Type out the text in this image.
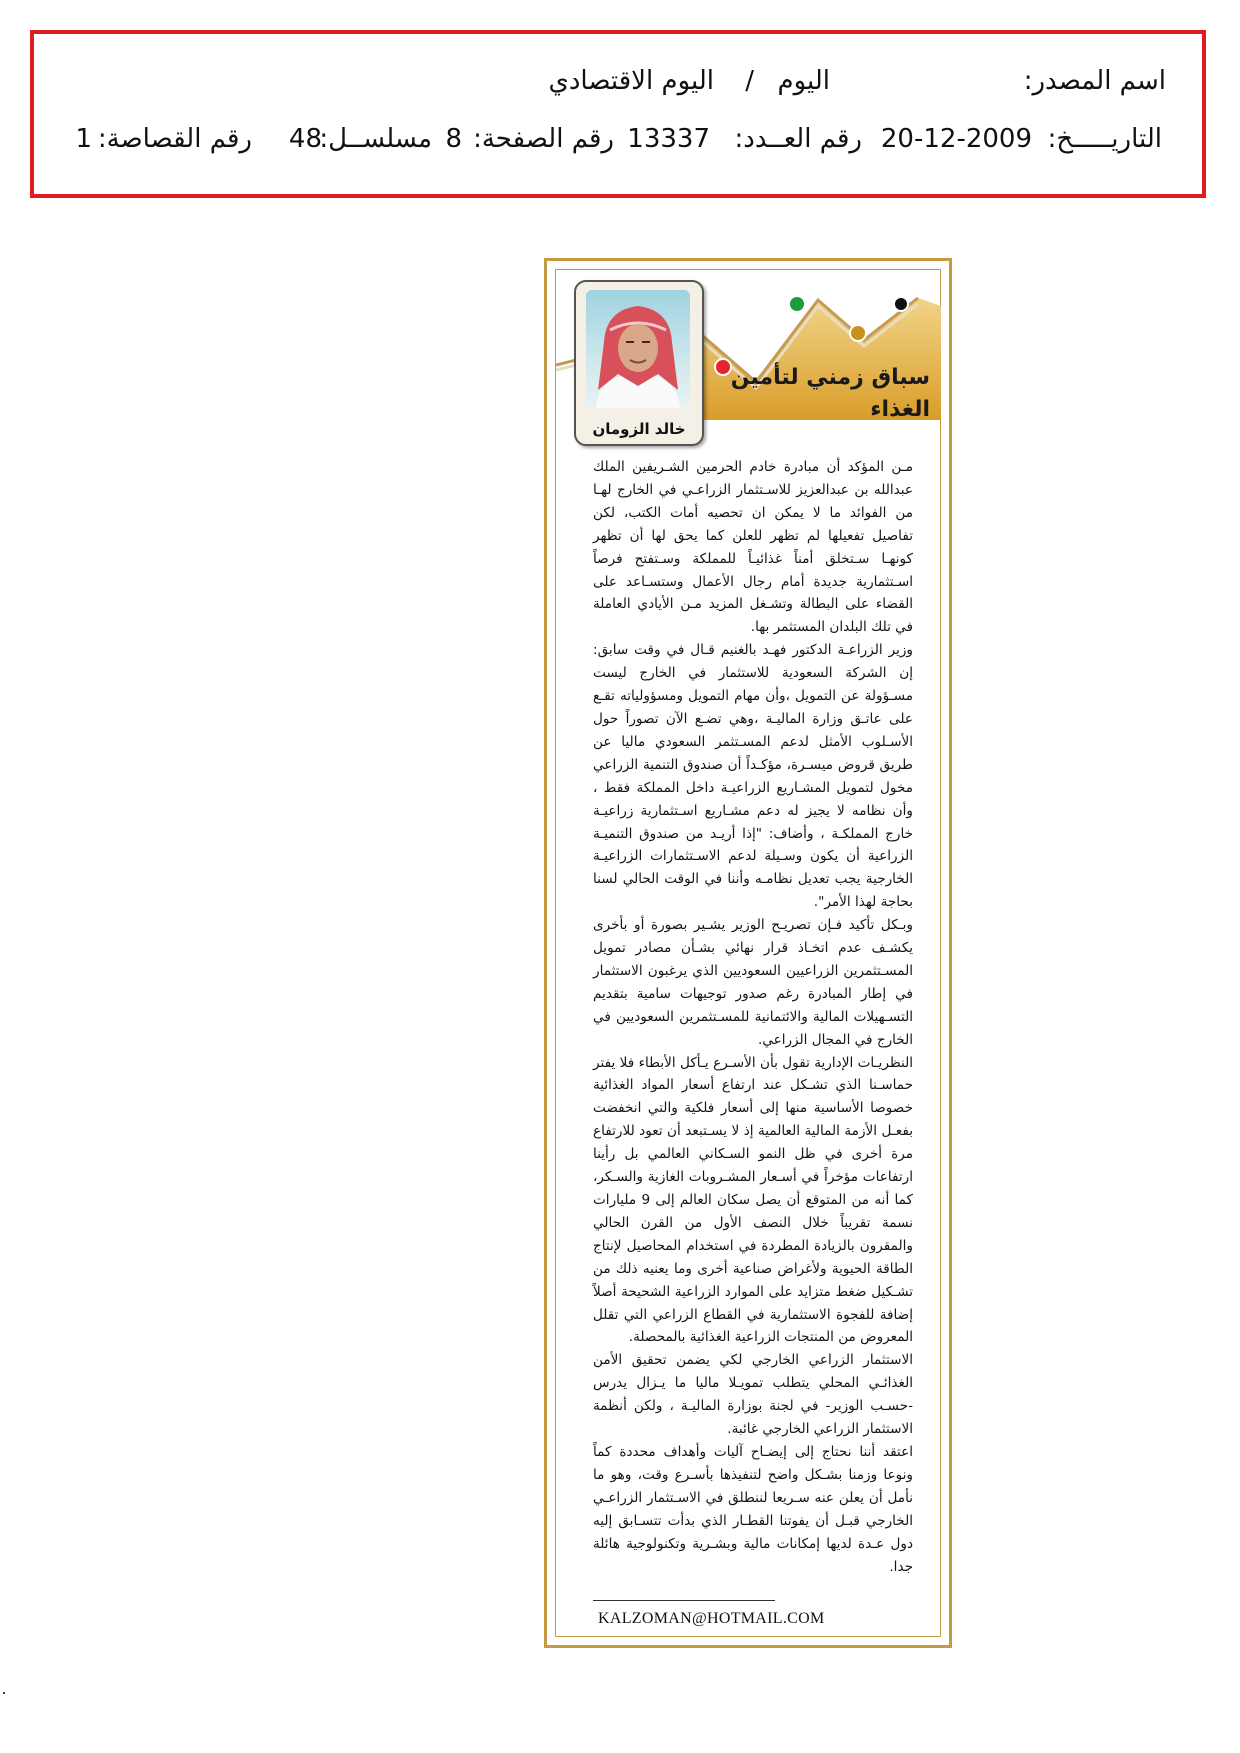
اسم المصدر:
اليوم
/
اليوم الاقتصادي
التاريـــــخ:
20-12-2009
رقم العــدد:
13337
رقم الصفحة:
8
مسلســل:
48
رقم القصاصة:
1
سباق زمني لتأمين الغذاء
خالد الزومان

مـن المؤكد أن مبادرة خادم الحرمين الشـريفين الملك عبدالله بن عبدالعزيز للاسـتثمار الزراعـي في الخارج لهـا من الفوائد ما لا يمكن ان تحصيه أمات الكتب، لكن تفاصيل تفعيلها لم تظهر للعلن كما يحق لها أن تظهر كونهـا سـتخلق أمناً غذائيـاً للمملكة وسـتفتح فرصاً اسـتثمارية جديدة أمام رجال الأعمال وستسـاعد على القضاء على البطالة وتشـغل المزيد مـن الأيادي العاملة في تلك البلدان المستثمر بها.

وزير الزراعـة الدكتور فهـد بالغنيم قـال في وقت سابق: إن الشركة السعودية للاستثمار في الخارج ليست مسـؤولة عن التمويل ،وأن مهام التمويل ومسؤولياته تقـع على عاتـق وزارة الماليـة ،وهي تضـع الآن تصوراً حول الأسـلوب الأمثل لدعم المسـتثمر السعودي ماليا عن طريق قروض ميسـرة، مؤكـداً أن صندوق التنمية الزراعي مخول لتمويل المشـاريع الزراعيـة داخل المملكة فقط ، وأن نظامه لا يجيز له دعم مشـاريع اسـتثمارية زراعيـة خارج المملكـة ، وأضاف: "إذا أريـد من صندوق التنميـة الزراعية أن يكون وسـيلة لدعم الاسـتثمارات الزراعيـة الخارجية يجب تعديل نظامـه وأننا في الوقت الحالي لسنا بحاجة لهذا الأمر".

وبـكل تأكيد فـإن تصريـح الوزير يشـير بصورة أو بأخرى يكشـف عدم اتخـاذ قرار نهائي بشـأن مصادر تمويل المسـتثمرين الزراعيين السعوديين الذي يرغبون الاستثمار في إطار المبادرة رغم صدور توجيهات سامية بتقديم التسـهيلات المالية والائتمانية للمسـتثمرين السعوديين في الخارج في المجال الزراعي.

النظريـات الإدارية تقول بأن الأسـرع يـأكل الأبطاء فلا يفتر حماسـنا الذي تشـكل عند ارتفاع أسعار المواد الغذائية خصوصا الأساسية منها إلى أسعار فلكية والتي انخفضت بفعـل الأزمة المالية العالمية إذ لا يسـتبعد أن تعود للارتفاع مرة أخرى في ظل النمو السـكاني العالمي بل رأينا ارتفاعات مؤخراً في أسـعار المشـروبات الغازية والسـكر، كما أنه من المتوقع أن يصل سكان العالم إلى 9 مليارات نسمة تقريباً خلال النصف الأول من القرن الحالي والمقرون بالزيادة المطردة في استخدام المحاصيل لإنتاج الطاقة الحيوية ولأغراض صناعية أخرى وما يعنيه ذلك من تشـكيل ضغط متزايد على الموارد الزراعية الشحيحة أصلاً إضافة للفجوة الاستثمارية في القطاع الزراعي التي تقلل المعروض من المنتجات الزراعية الغذائية بالمحصلة.

الاستثمار الزراعي الخارجي لكي يضمن تحقيق الأمن الغذائـي المحلي يتطلب تمويـلا ماليا ما يـزال يدرس -حسـب الوزير- في لجنة بوزارة الماليـة ، ولكن أنظمة الاستثمار الزراعي الخارجي غائبة.

اعتقد أننا نحتاج إلى إيضـاح آليات وأهداف محددة كماً ونوعا وزمنا بشـكل واضح لتنفيذها بأسـرع وقت، وهو ما نأمل أن يعلن عنه سـريعا لننطلق في الاسـتثمار الزراعـي الخارجي قبـل أن يفوتنا القطـار الذي بدأت تتسـابق إليه دول عـدة لديها إمكانات مالية وبشـرية وتكنولوجية هائلة جدا.

KALZOMAN@HOTMAIL.COM
